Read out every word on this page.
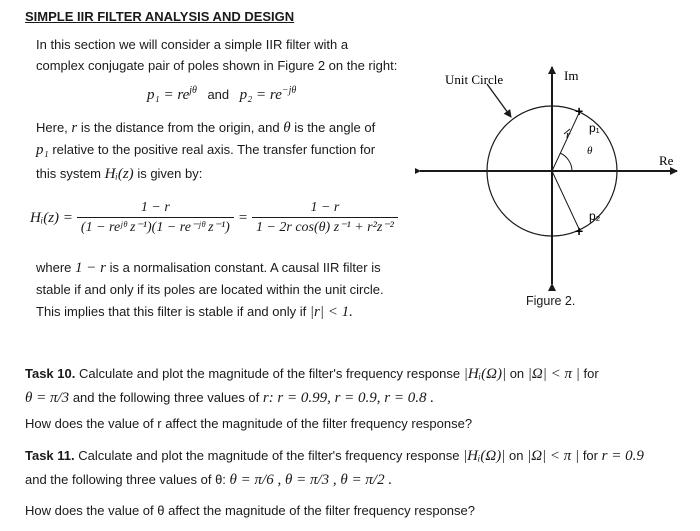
SIMPLE IIR FILTER ANALYSIS AND DESIGN
In this section we will consider a simple IIR filter with a
complex conjugate pair of poles shown in Figure 2 on the right:
$p_1 = re^{j\theta}$ and $p_2 = re^{-j\theta}$
Here, r is the distance from the origin, and θ is the angle of
p₁ relative to the positive real axis. The transfer function for
this system Hᵢ(z) is given by:
Hᵢ(z) = $\frac{1 - r}{\text{(1 − reʲᶿ z⁻¹)(1 − re⁻ʲᶿ z⁻¹)}} = \frac{1 - r}{\text{1 − 2r cos(θ) z⁻¹ + r²z⁻²}}$
where 1 − r is a normalisation constant. A causal IIR filter is
stable if and only if its poles are located within the unit circle.
This implies that this filter is stable if and only if |r| < 1.
Unit Circle	Im
Re
r
θ
p₁
p₂
+
+
Figure 2.
Task 10. Calculate and plot the magnitude of the filter's frequency response |Hᵢ(Ω)| on |Ω| < π | for
θ = π/3 and the following three values of r: r = 0.99, r = 0.9, r = 0.8 .
How does the value of r affect the magnitude of the filter frequency response?
Task 11. Calculate and plot the magnitude of the filter's frequency response |Hᵢ(Ω)| on |Ω| < π | for r = 0.9
and the following three values of θ: θ = π/6 , θ = π/3 , θ = π/2 .
How does the value of θ affect the magnitude of the filter frequency response?
